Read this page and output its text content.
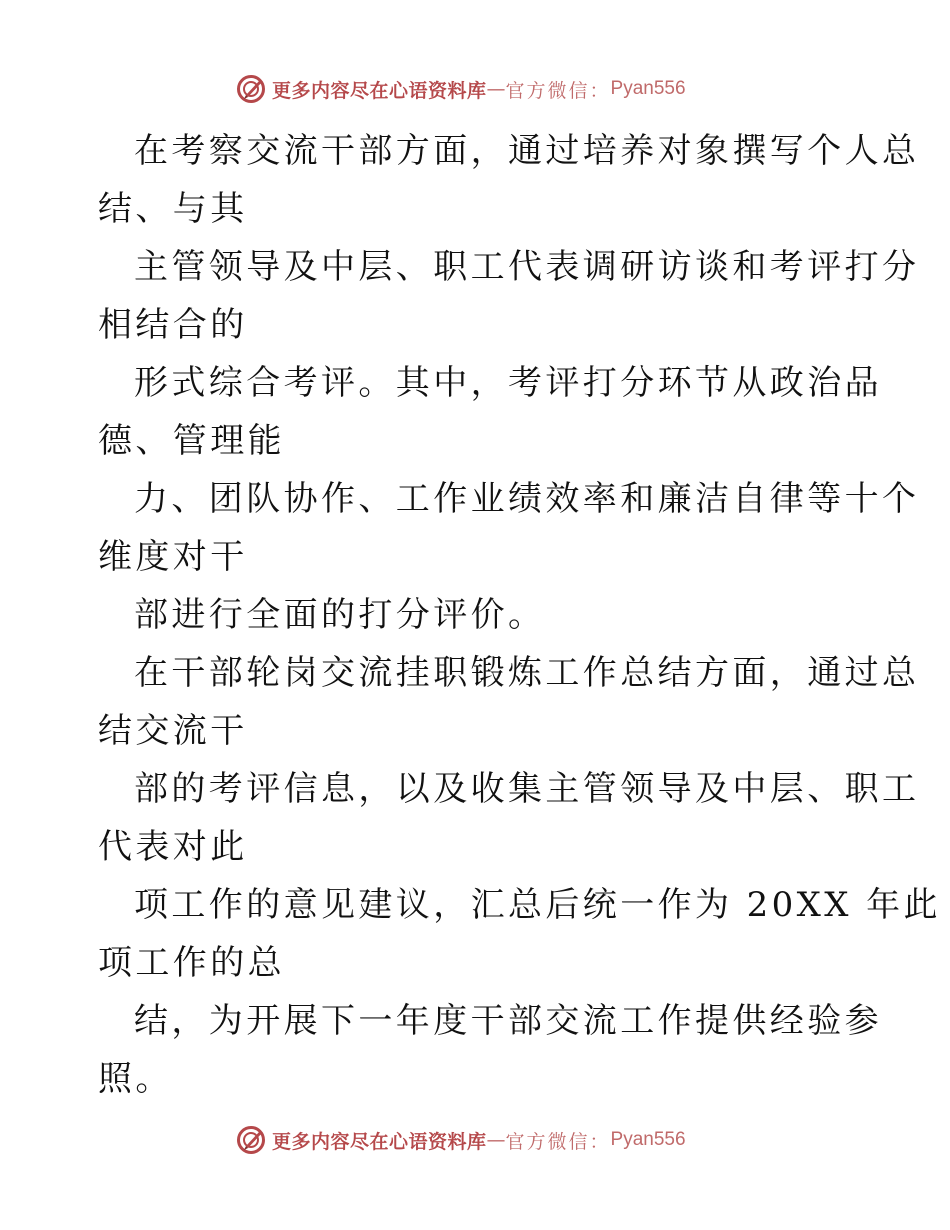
更多内容尽在心语资料库 — 官方微信： Pyan556
在考察交流干部方面，通过培养对象撰写个人总
结、与其
主管领导及中层、职工代表调研访谈和考评打分
相结合的
形式综合考评。其中，考评打分环节从政治品
德、管理能
力、团队协作、工作业绩效率和廉洁自律等十个
维度对干
部进行全面的打分评价。
在干部轮岗交流挂职锻炼工作总结方面，通过总
结交流干
部的考评信息，以及收集主管领导及中层、职工
代表对此
项工作的意见建议，汇总后统一作为 20XX 年此
项工作的总
结，为开展下一年度干部交流工作提供经验参
照。
更多内容尽在心语资料库 — 官方微信： Pyan556
